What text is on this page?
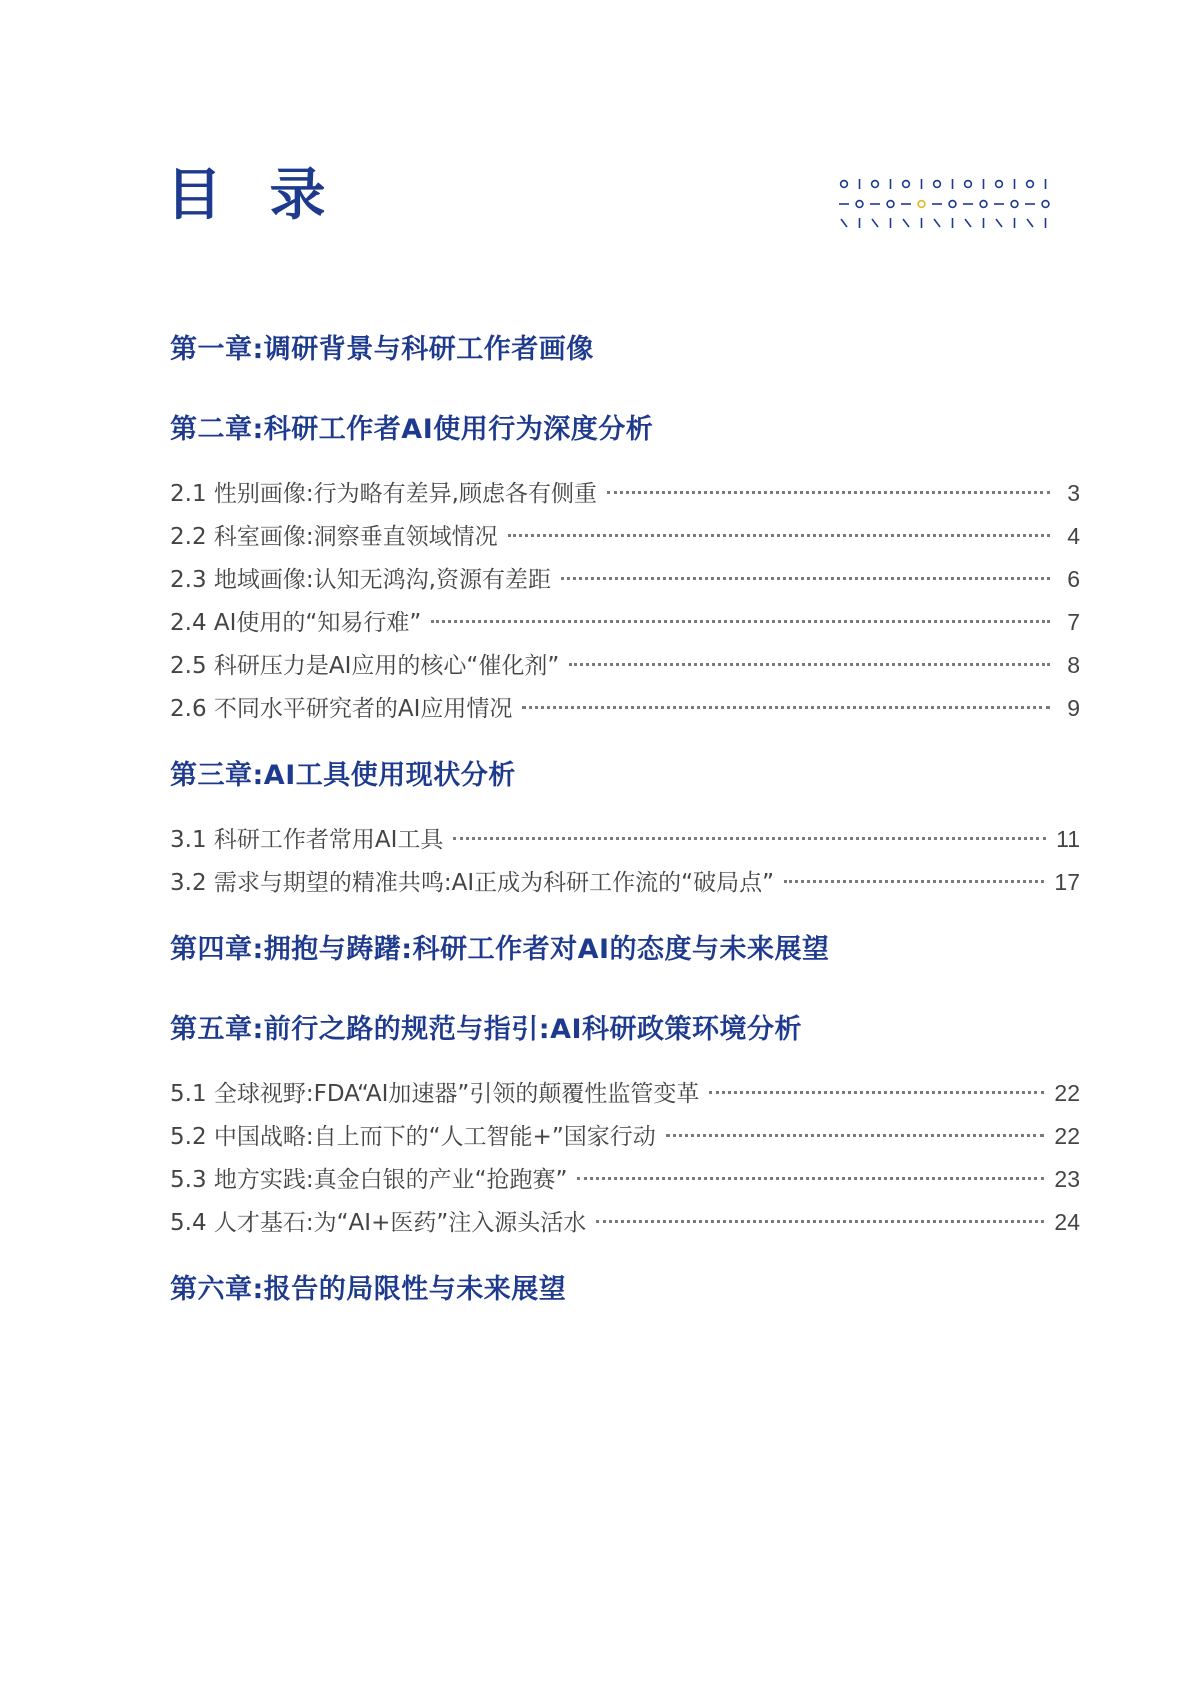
目 录
第一章:调研背景与科研工作者画像
第二章:科研工作者AI使用行为深度分析
2.1 性别画像:行为略有差异,顾虑各有侧重	3
2.2 科室画像:洞察垂直领域情况	4
2.3 地域画像:认知无鸿沟,资源有差距	6
2.4 AI使用的“知易行难”	7
2.5 科研压力是AI应用的核心“催化剂”	8
2.6 不同水平研究者的AI应用情况	9
第三章:AI工具使用现状分析
3.1 科研工作者常用AI工具	11
3.2 需求与期望的精准共鸣:AI正成为科研工作流的“破局点”	17
第四章:拥抱与踌躇:科研工作者对AI的态度与未来展望
第五章:前行之路的规范与指引:AI科研政策环境分析
5.1 全球视野:FDA“AI加速器”引领的颠覆性监管变革	22
5.2 中国战略:自上而下的“人工智能+”国家行动	22
5.3 地方实践:真金白银的产业“抢跑赛”	23
5.4 人才基石:为“AI+医药”注入源头活水	24
第六章:报告的局限性与未来展望
